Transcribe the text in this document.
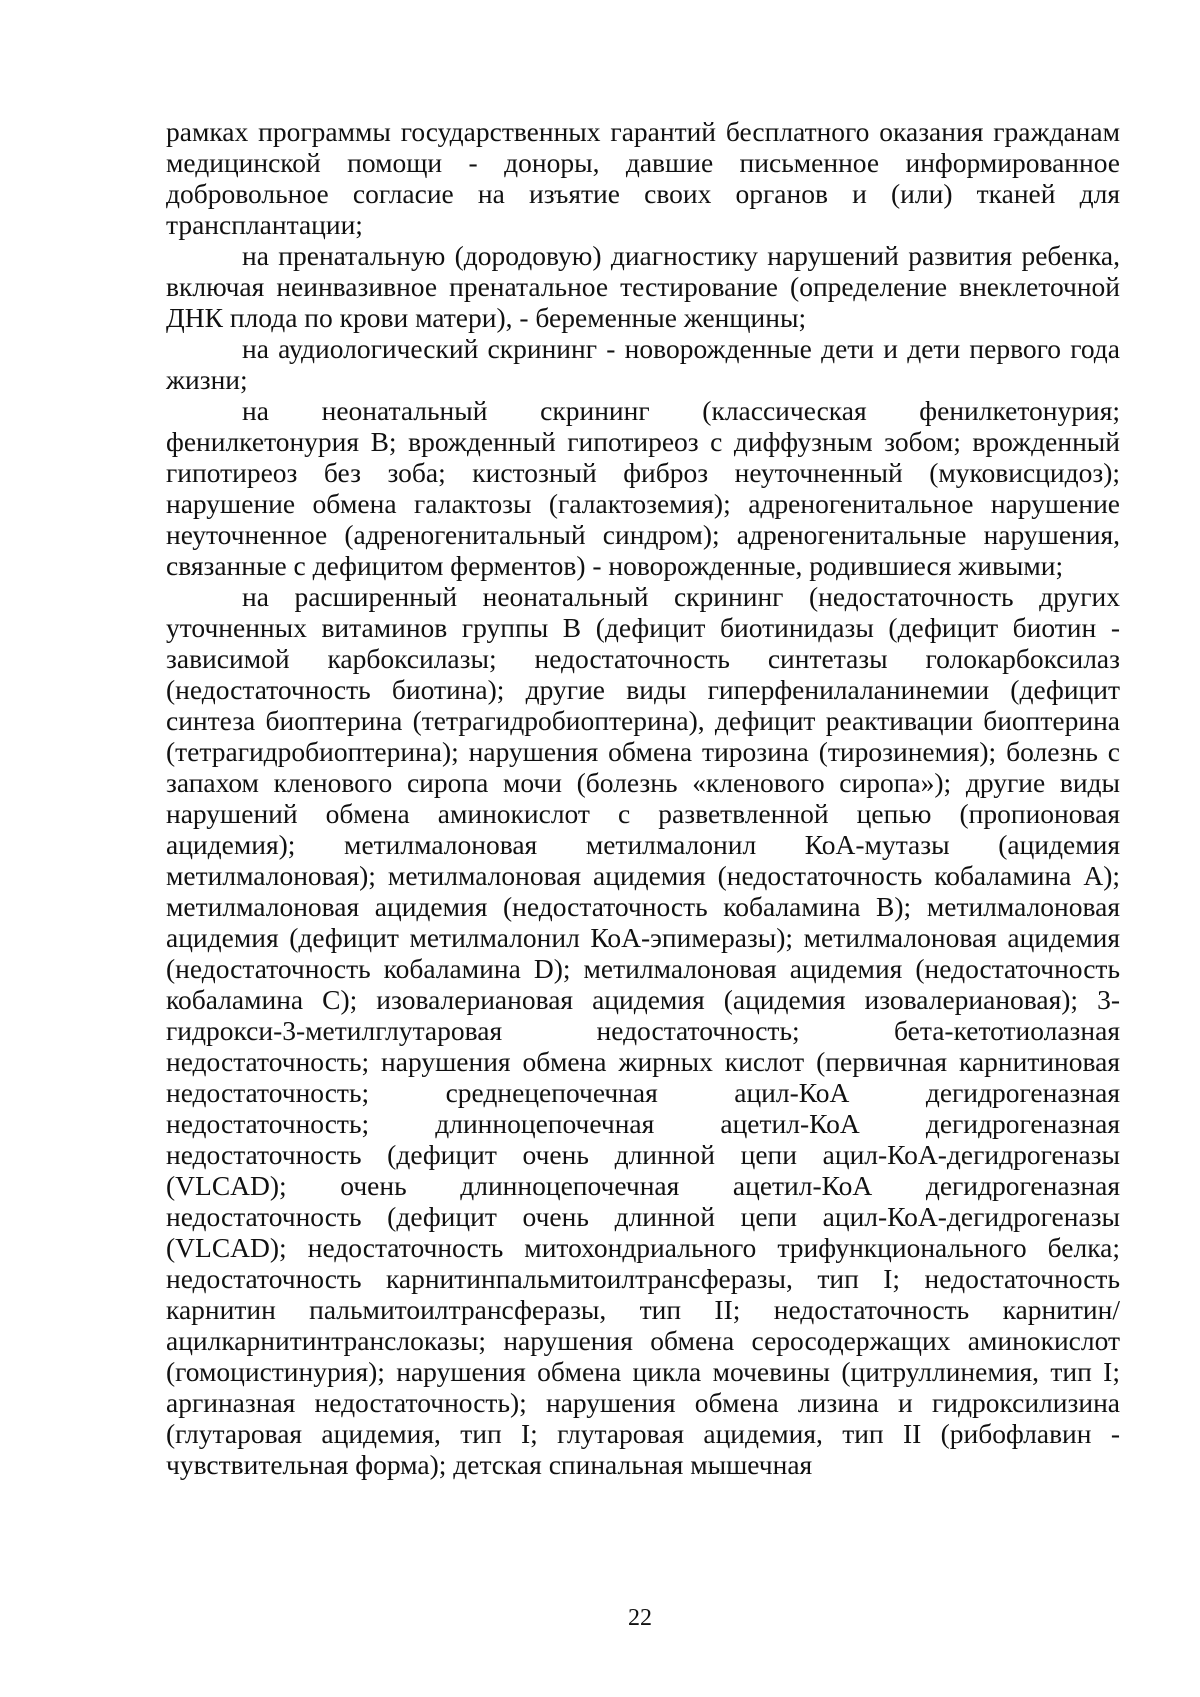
рамках программы государственных гарантий бесплатного оказания гражданам медицинской помощи - доноры, давшие письменное информированное добровольное согласие на изъятие своих органов и (или) тканей для трансплантации;

на пренатальную (дородовую) диагностику нарушений развития ребенка, включая неинвазивное пренатальное тестирование (определение внеклеточной ДНК плода по крови матери), - беременные женщины;

на аудиологический скрининг - новорожденные дети и дети первого года жизни;

на неонатальный скрининг (классическая фенилкетонурия; фенилкетонурия В; врожденный гипотиреоз с диффузным зобом; врожденный гипотиреоз без зоба; кистозный фиброз неуточненный (муковисцидоз); нарушение обмена галактозы (галактоземия); адреногенитальное нарушение неуточненное (адреногенитальный синдром); адреногенитальные нарушения, связанные с дефицитом ферментов) - новорожденные, родившиеся живыми;

на расширенный неонатальный скрининг (недостаточность других уточненных витаминов группы В (дефицит биотинидазы (дефицит биотин - зависимой карбоксилазы; недостаточность синтетазы голокарбоксилаз (недостаточность биотина); другие виды гиперфенилаланинемии (дефицит синтеза биоптерина (тетрагидробиоптерина), дефицит реактивации биоптерина (тетрагидробиоптерина); нарушения обмена тирозина (тирозинемия); болезнь с запахом кленового сиропа мочи (болезнь «кленового сиропа»); другие виды нарушений обмена аминокислот с разветвленной цепью (пропионовая ацидемия); метилмалоновая метилмалонил КоА-мутазы (ацидемия метилмалоновая); метилмалоновая ацидемия (недостаточность кобаламина А); метилмалоновая ацидемия (недостаточность кобаламина В); метилмалоновая ацидемия (дефицит метилмалонил КоА-эпимеразы); метилмалоновая ацидемия (недостаточность кобаламина D); метилмалоновая ацидемия (недостаточность кобаламина С); изовалериановая ацидемия (ацидемия изовалериановая); 3-гидрокси-3-метилглутаровая недостаточность; бета-кетотиолазная недостаточность; нарушения обмена жирных кислот (первичная карнитиновая недостаточность; среднецепочечная ацил-КоА дегидрогеназная недостаточность; длинноцепочечная ацетил-КоА дегидрогеназная недостаточность (дефицит очень длинной цепи ацил-КоА-дегидрогеназы (VLCAD); очень длинноцепочечная ацетил-КоА дегидрогеназная недостаточность (дефицит очень длинной цепи ацил-КоА-дегидрогеназы (VLCAD); недостаточность митохондриального трифункционального белка; недостаточность карнитинпальмитоилтрансферазы, тип I; недостаточность карнитин пальмитоилтрансферазы, тип II; недостаточность карнитин/ацилкарнитинтранслоказы; нарушения обмена серосодержащих аминокислот (гомоцистинурия); нарушения обмена цикла мочевины (цитруллинемия, тип I; аргиназная недостаточность); нарушения обмена лизина и гидроксилизина (глутаровая ацидемия, тип I; глутаровая ацидемия, тип II (рибофлавин - чувствительная форма); детская спинальная мышечная

22
